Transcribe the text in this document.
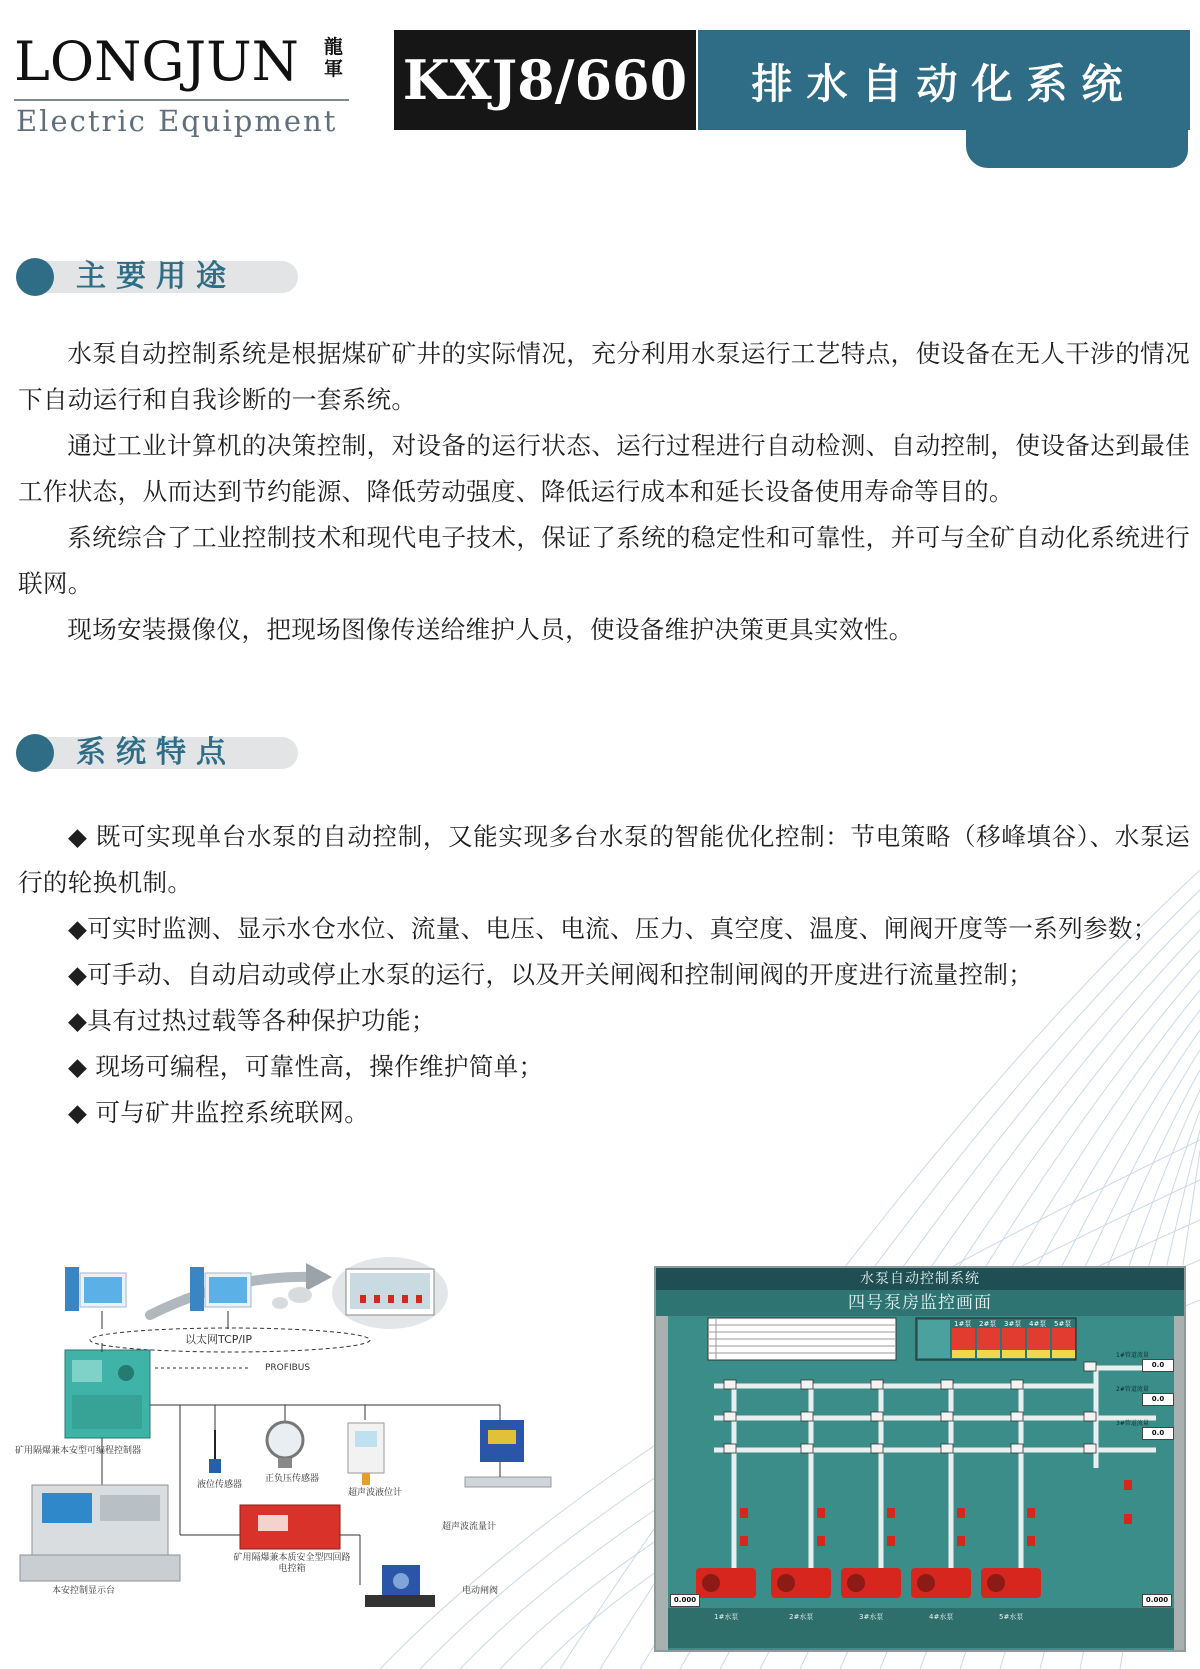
LONGJUN 龍軍
Electric Equipment
KXJ8/660	排水自动化系统
主要用途

水泵自动控制系统是根据煤矿矿井的实际情况，充分利用水泵运行工艺特点，使设备在无人干涉的情况下自动运行和自我诊断的一套系统。

通过工业计算机的决策控制，对设备的运行状态、运行过程进行自动检测、自动控制，使设备达到最佳工作状态，从而达到节约能源、降低劳动强度、降低运行成本和延长设备使用寿命等目的。

系统综合了工业控制技术和现代电子技术，保证了系统的稳定性和可靠性，并可与全矿自动化系统进行联网。

现场安装摄像仪，把现场图像传送给维护人员，使设备维护决策更具实效性。

系统特点

◆ 既可实现单台水泵的自动控制，又能实现多台水泵的智能优化控制：节电策略（移峰填谷）、水泵运行的轮换机制。

◆可实时监测、显示水仓水位、流量、电压、电流、压力、真空度、温度、闸阀开度等一系列参数；

◆可手动、自动启动或停止水泵的运行，以及开关闸阀和控制闸阀的开度进行流量控制；

◆具有过热过载等各种保护功能；

◆ 现场可编程，可靠性高，操作维护简单；

◆ 可与矿井监控系统联网。

以太网TCP/IP
PROFIBUS
矿用隔爆兼本安型可编程控制器
液位传感器
正负压传感器
超声波液位计
超声波流量计
本安控制显示台
矿用隔爆兼本质安全型四回路电控箱
电动闸阀
水泵自动控制系统
四号泵房监控画面
1#泵 2#泵 3#泵 4#泵 5#泵
1#管道流量
0.0
2#管道流量
0.0
3#管道流量
0.0
0.000	0.000
1#水泵	2#水泵	3#水泵	4#水泵	5#水泵
